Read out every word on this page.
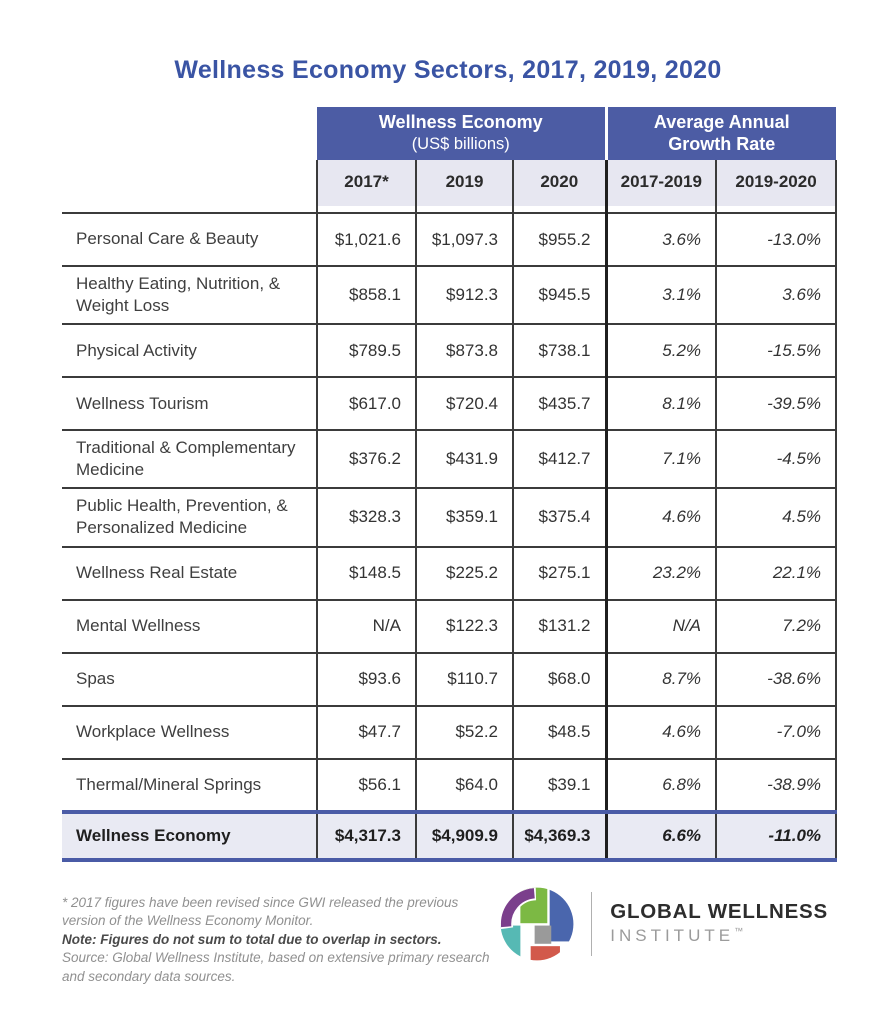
Wellness Economy Sectors, 2017, 2019, 2020

Wellness Economy
(US$ billions)

Average Annual
Growth Rate

	2017*	2019	2020	2017-2019	2019-2020
Personal Care & Beauty	$1,021.6	$1,097.3	$955.2	3.6%	-13.0%
Healthy Eating, Nutrition, & Weight Loss	$858.1	$912.3	$945.5	3.1%	3.6%
Physical Activity	$789.5	$873.8	$738.1	5.2%	-15.5%
Wellness Tourism	$617.0	$720.4	$435.7	8.1%	-39.5%
Traditional & Complementary Medicine	$376.2	$431.9	$412.7	7.1%	-4.5%
Public Health, Prevention, & Personalized Medicine	$328.3	$359.1	$375.4	4.6%	4.5%
Wellness Real Estate	$148.5	$225.2	$275.1	23.2%	22.1%
Mental Wellness	N/A	$122.3	$131.2	N/A	7.2%
Spas	$93.6	$110.7	$68.0	8.7%	-38.6%
Workplace Wellness	$47.7	$52.2	$48.5	4.6%	-7.0%
Thermal/Mineral Springs	$56.1	$64.0	$39.1	6.8%	-38.9%
Wellness Economy	$4,317.3	$4,909.9	$4,369.3	6.6%	-11.0%

* 2017 figures have been revised since GWI released the previous version of the Wellness Economy Monitor.

Note: Figures do not sum to total due to overlap in sectors.

Source: Global Wellness Institute, based on extensive primary research and secondary data sources.

GLOBAL WELLNESS
INSTITUTE™
